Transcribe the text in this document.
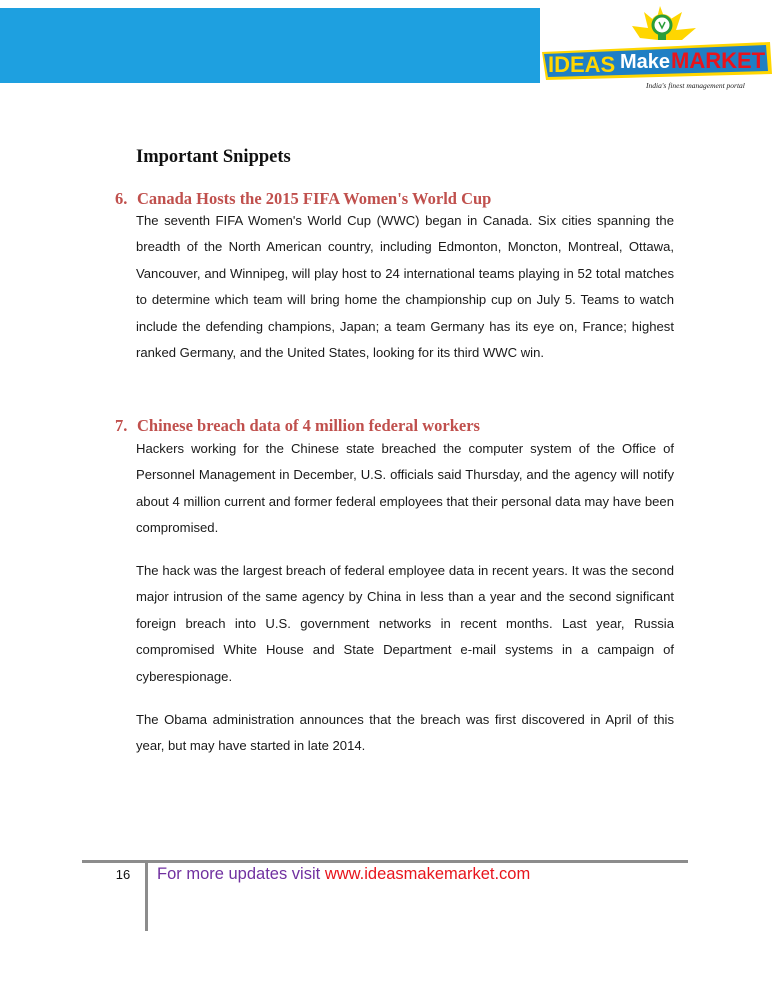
IDEAS Make MARKET
India's finest management portal
Important Snippets
6. Canada Hosts the 2015 FIFA Women's World Cup

The seventh FIFA Women's World Cup (WWC) began in Canada. Six cities spanning the breadth of the North American country, including Edmonton, Moncton, Montreal, Ottawa, Vancouver, and Winnipeg, will play host to 24 international teams playing in 52 total matches to determine which team will bring home the championship cup on July 5. Teams to watch include the defending champions, Japan; a team Germany has its eye on, France; highest ranked Germany, and the United States, looking for its third WWC win.

7. Chinese breach data of 4 million federal workers

Hackers working for the Chinese state breached the computer system of the Office of Personnel Management in December, U.S. officials said Thursday, and the agency will notify about 4 million current and former federal employees that their personal data may have been compromised.

The hack was the largest breach of federal employee data in recent years. It was the second major intrusion of the same agency by China in less than a year and the second significant foreign breach into U.S. government networks in recent months. Last year, Russia compromised White House and State Department e-mail systems in a campaign of cyberespionage.

The Obama administration announces that the breach was first discovered in April of this year, but may have started in late 2014.

16	For more updates visit www.ideasmakemarket.com
